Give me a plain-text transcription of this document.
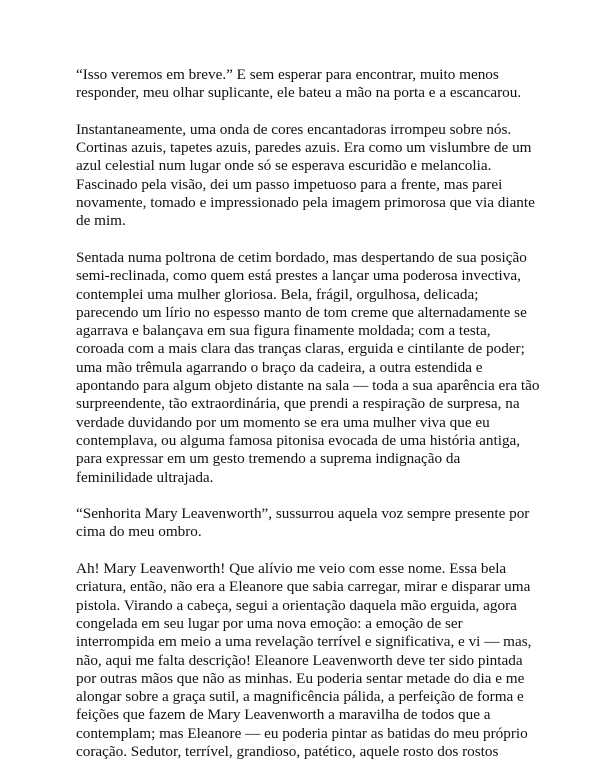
“Isso veremos em breve.” E sem esperar para encontrar, muito menos
responder, meu olhar suplicante, ele bateu a mão na porta e a escancarou.

Instantaneamente, uma onda de cores encantadoras irrompeu sobre nós.
Cortinas azuis, tapetes azuis, paredes azuis. Era como um vislumbre de um
azul celestial num lugar onde só se esperava escuridão e melancolia.
Fascinado pela visão, dei um passo impetuoso para a frente, mas parei
novamente, tomado e impressionado pela imagem primorosa que via diante
de mim.

Sentada numa poltrona de cetim bordado, mas despertando de sua posição
semi-reclinada, como quem está prestes a lançar uma poderosa invectiva,
contemplei uma mulher gloriosa. Bela, frágil, orgulhosa, delicada;
parecendo um lírio no espesso manto de tom creme que alternadamente se
agarrava e balançava em sua figura finamente moldada; com a testa,
coroada com a mais clara das tranças claras, erguida e cintilante de poder;
uma mão trêmula agarrando o braço da cadeira, a outra estendida e
apontando para algum objeto distante na sala — toda a sua aparência era tão
surpreendente, tão extraordinária, que prendi a respiração de surpresa, na
verdade duvidando por um momento se era uma mulher viva que eu
contemplava, ou alguma famosa pitonisa evocada de uma história antiga,
para expressar em um gesto tremendo a suprema indignação da
feminilidade ultrajada.

“Senhorita Mary Leavenworth”, sussurrou aquela voz sempre presente por
cima do meu ombro.

Ah! Mary Leavenworth! Que alívio me veio com esse nome. Essa bela
criatura, então, não era a Eleanore que sabia carregar, mirar e disparar uma
pistola. Virando a cabeça, segui a orientação daquela mão erguida, agora
congelada em seu lugar por uma nova emoção: a emoção de ser
interrompida em meio a uma revelação terrível e significativa, e vi — mas,
não, aqui me falta descrição! Eleanore Leavenworth deve ter sido pintada
por outras mãos que não as minhas. Eu poderia sentar metade do dia e me
alongar sobre a graça sutil, a magnificência pálida, a perfeição de forma e
feições que fazem de Mary Leavenworth a maravilha de todos que a
contemplam; mas Eleanore — eu poderia pintar as batidas do meu próprio
coração. Sedutor, terrível, grandioso, patético, aquele rosto dos rostos
